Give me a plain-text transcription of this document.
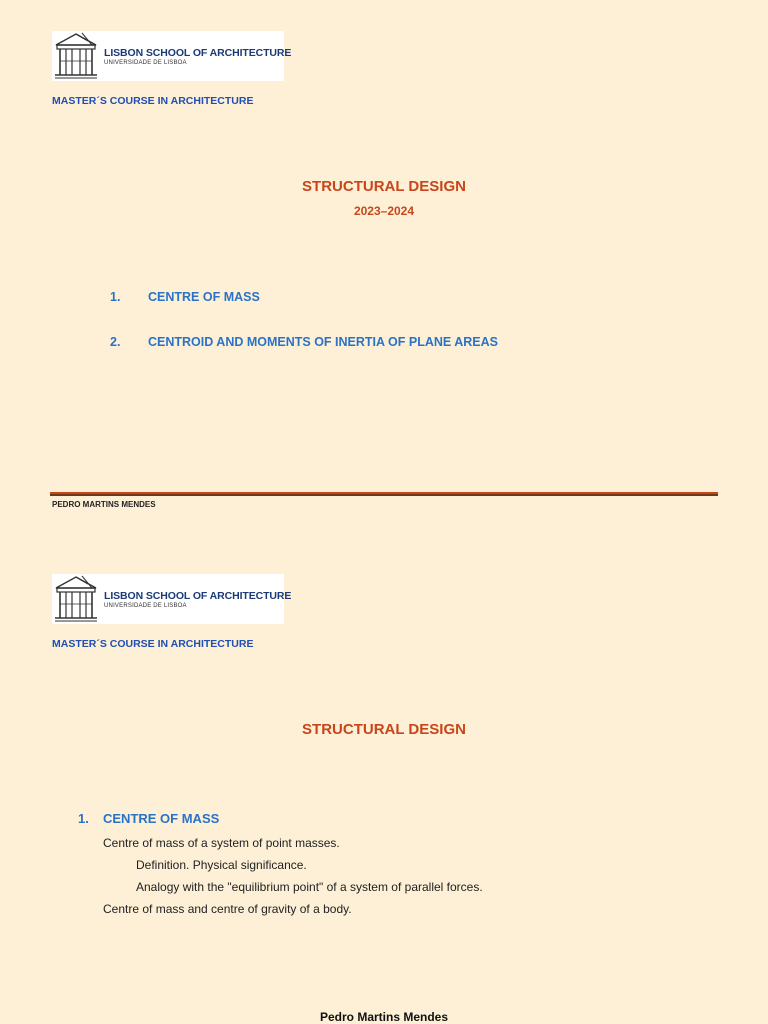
LISBON SCHOOL OF ARCHITECTURE
UNIVERSIDADE DE LISBOA
MASTER´S COURSE IN ARCHITECTURE
STRUCTURAL DESIGN
2023–2024
1.	CENTRE OF MASS
2.	CENTROID AND MOMENTS OF INERTIA OF PLANE AREAS
PEDRO MARTINS MENDES
LISBON SCHOOL OF ARCHITECTURE
UNIVERSIDADE DE LISBOA
MASTER´S COURSE IN ARCHITECTURE
STRUCTURAL DESIGN
1.	CENTRE OF MASS
Centre of mass of a system of point masses.
Definition. Physical significance.
Analogy with the "equilibrium point" of a system of parallel forces.
Centre of mass and centre of gravity of a body.
Pedro Martins Mendes
